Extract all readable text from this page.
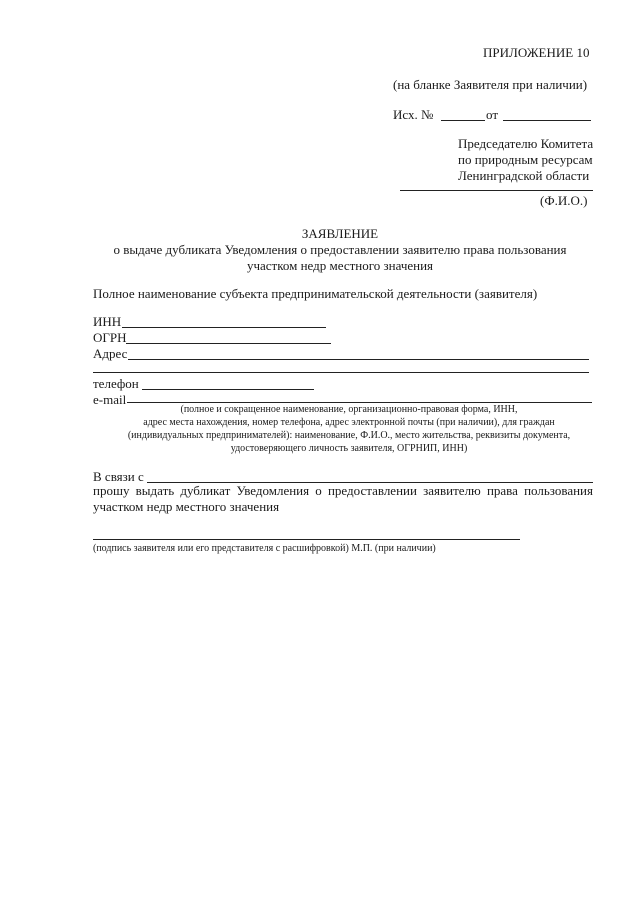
ПРИЛОЖЕНИЕ 10
(на бланке Заявителя при наличии)
Исх. №	от
Председателю Комитета
по природным ресурсам
Ленинградской области
(Ф.И.О.)
ЗАЯВЛЕНИЕ
о выдаче дубликата Уведомления о предоставлении заявителю права пользования
участком недр местного значения
Полное наименование субъекта предпринимательской деятельности (заявителя)
ИНН
ОГРН
Адрес
телефон
e-mail
(полное и сокращенное наименование, организационно-правовая форма, ИНН,
адрес места нахождения, номер телефона, адрес электронной почты (при наличии), для граждан
(индивидуальных предпринимателей): наименование, Ф.И.О., место жительства, реквизиты документа,
удостоверяющего личность заявителя, ОГРНИП, ИНН)
В связи с
прошу выдать дубликат Уведомления о предоставлении заявителю права пользования
участком недр местного значения
(подпись заявителя или его представителя с расшифровкой) М.П. (при наличии)
